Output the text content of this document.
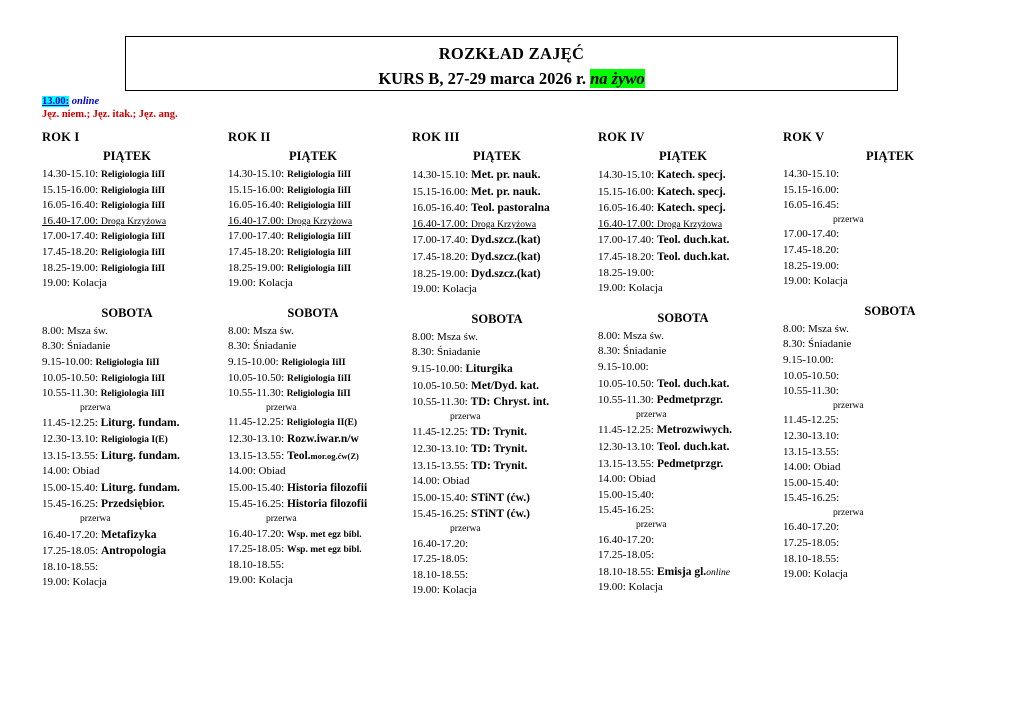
ROZKŁAD ZAJĘĆ
KURS B, 27-29 marca 2026 r. na żywo
13.00: online
Jęz. niem.; Jęz. itak.; Jęz. ang.
ROK I
PIĄTEK
14.30-15.10: Religiologia IiII
15.15-16.00: Religiologia IiII
16.05-16.40: Religiologia IiII
16.40-17.00: Droga Krzyżowa
17.00-17.40: Religiologia IiII
17.45-18.20: Religiologia IiII
18.25-19.00: Religiologia IiII
19.00: Kolacja
SOBOTA
8.00: Msza św.
8.30: Śniadanie
9.15-10.00: Religiologia IiII
10.05-10.50: Religiologia IiII
10.55-11.30: Religiologia IiII
przerwa
11.45-12.25: Liturg. fundam.
12.30-13.10: Religiologia I(E)
13.15-13.55: Liturg. fundam.
14.00: Obiad
15.00-15.40: Liturg. fundam.
15.45-16.25: Przedsiębior.
przerwa
16.40-17.20: Metafizyka
17.25-18.05: Antropologia
18.10-18.55:
19.00: Kolacja
ROK II
PIĄTEK
14.30-15.10: Religiologia IiII
15.15-16.00: Religiologia IiII
16.05-16.40: Religiologia IiII
16.40-17.00: Droga Krzyżowa
17.00-17.40: Religiologia IiII
17.45-18.20: Religiologia IiII
18.25-19.00: Religiologia IiII
19.00: Kolacja
SOBOTA
8.00: Msza św.
8.30: Śniadanie
9.15-10.00: Religiologia IiII
10.05-10.50: Religiologia IiII
10.55-11.30: Religiologia IiII
przerwa
11.45-12.25: Religiologia II(E)
12.30-13.10: Rozw.iwar.n/w
13.15-13.55: Teol.mor.og.ćw(Z)
14.00: Obiad
15.00-15.40: Historia filozofii
15.45-16.25: Historia filozofii
przerwa
16.40-17.20: Wsp. met egz bibl.
17.25-18.05: Wsp. met egz bibl.
18.10-18.55:
19.00: Kolacja
ROK III
PIĄTEK
14.30-15.10: Met. pr. nauk.
15.15-16.00: Met. pr. nauk.
16.05-16.40: Teol. pastoralna
16.40-17.00: Droga Krzyżowa
17.00-17.40: Dyd.szcz.(kat)
17.45-18.20: Dyd.szcz.(kat)
18.25-19.00: Dyd.szcz.(kat)
19.00: Kolacja
SOBOTA
8.00: Msza św.
8.30: Śniadanie
9.15-10.00: Liturgika
10.05-10.50: Met/Dyd. kat.
10.55-11.30: TD: Chryst. int.
przerwa
11.45-12.25: TD: Trynit.
12.30-13.10: TD: Trynit.
13.15-13.55: TD: Trynit.
14.00: Obiad
15.00-15.40: STiNT (ćw.)
15.45-16.25: STiNT (ćw.)
przerwa
16.40-17.20:
17.25-18.05:
18.10-18.55:
19.00: Kolacja
ROK IV
PIĄTEK
14.30-15.10: Katech. specj.
15.15-16.00: Katech. specj.
16.05-16.40: Katech. specj.
16.40-17.00: Droga Krzyżowa
17.00-17.40: Teol. duch.kat.
17.45-18.20: Teol. duch.kat.
18.25-19.00:
19.00: Kolacja
SOBOTA
8.00: Msza św.
8.30: Śniadanie
9.15-10.00:
10.05-10.50: Teol. duch.kat.
10.55-11.30: Pedmetprzgr.
przerwa
11.45-12.25: Metrozwiwych.
12.30-13.10: Teol. duch.kat.
13.15-13.55: Pedmetprzgr.
14.00: Obiad
15.00-15.40:
15.45-16.25:
przerwa
16.40-17.20:
17.25-18.05:
18.10-18.55: Emisja gl.online
19.00: Kolacja
ROK V
PIĄTEK
14.30-15.10:
15.15-16.00:
16.05-16.45:
przerwa
17.00-17.40:
17.45-18.20:
18.25-19.00:
19.00: Kolacja
SOBOTA
8.00: Msza św.
8.30: Śniadanie
9.15-10.00:
10.05-10.50:
10.55-11.30:
przerwa
11.45-12.25:
12.30-13.10:
13.15-13.55:
14.00: Obiad
15.00-15.40:
15.45-16.25:
przerwa
16.40-17.20:
17.25-18.05:
18.10-18.55:
19.00: Kolacja
